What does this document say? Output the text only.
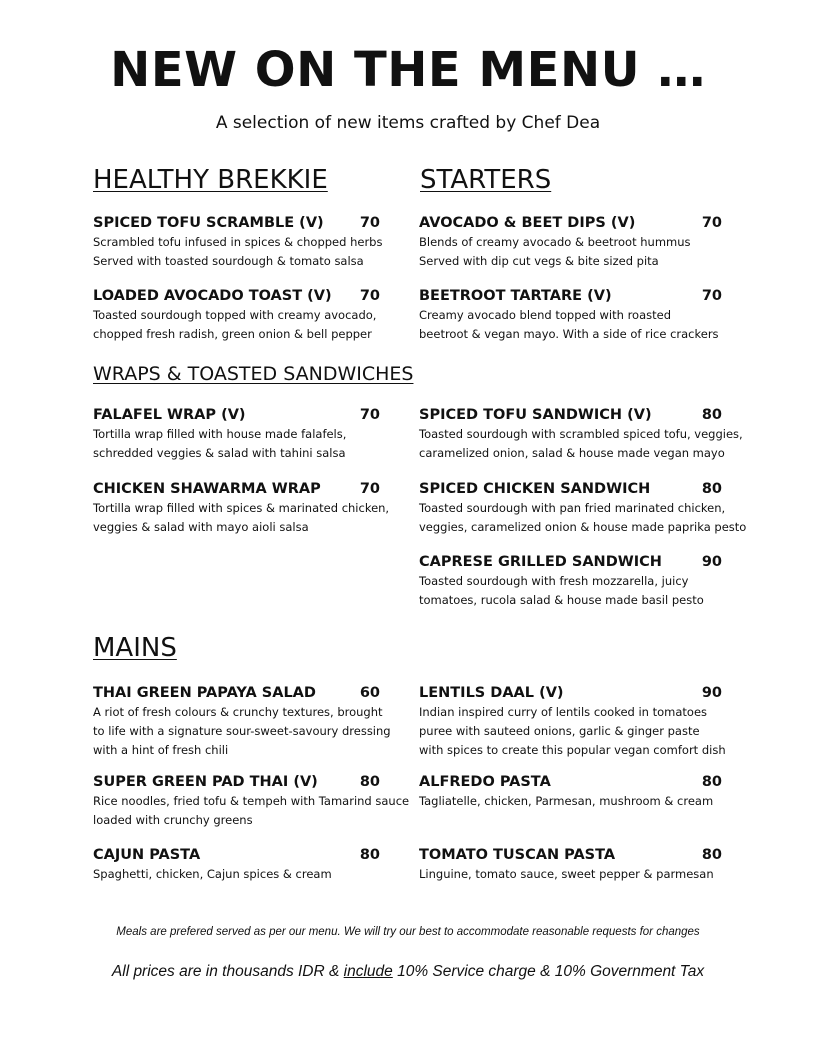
NEW ON THE MENU …
A selection of new items crafted by Chef Dea
HEALTHY BREKKIE	STARTERS
WRAPS & TOASTED SANDWICHES
MAINS
SPICED TOFU SCRAMBLE (V) 70
Scrambled tofu infused in spices & chopped herbs
Served with toasted sourdough & tomato salsa
LOADED AVOCADO TOAST (V) 70
Toasted sourdough topped with creamy avocado,
chopped fresh radish, green onion & bell pepper
AVOCADO & BEET DIPS (V)	70
Blends of creamy avocado & beetroot hummus
Served with dip cut vegs & bite sized pita
BEETROOT TARTARE (V)	70
Creamy avocado blend topped with roasted
beetroot & vegan mayo. With a side of rice crackers
FALAFEL WRAP (V)	70
Tortilla wrap filled with house made falafels,
schredded veggies & salad with tahini salsa
CHICKEN SHAWARMA WRAP	70
Tortilla wrap filled with spices & marinated chicken,
veggies & salad with mayo aioli salsa
SPICED TOFU SANDWICH (V)	80
Toasted sourdough with scrambled spiced tofu, veggies,
caramelized onion, salad & house made vegan mayo
SPICED CHICKEN SANDWICH	80
Toasted sourdough with pan fried marinated chicken,
veggies, caramelized onion & house made paprika pesto
CAPRESE GRILLED SANDWICH	90
Toasted sourdough with fresh mozzarella, juicy
tomatoes, rucola salad & house made basil pesto
THAI GREEN PAPAYA SALAD	60
A riot of fresh colours & crunchy textures, brought
to life with a signature sour-sweet-savoury dressing
with a hint of fresh chili
LENTILS DAAL (V)	90
Indian inspired curry of lentils cooked in tomatoes
puree with sauteed onions, garlic & ginger paste
with spices to create this popular vegan comfort dish
SUPER GREEN PAD THAI (V)	80
Rice noodles, fried tofu & tempeh with Tamarind sauce
loaded with crunchy greens
ALFREDO PASTA	80
Tagliatelle, chicken, Parmesan, mushroom & cream
CAJUN PASTA	80
Spaghetti, chicken, Cajun spices & cream
TOMATO TUSCAN PASTA	80
Linguine, tomato sauce, sweet pepper & parmesan
Meals are prefered served as per our menu. We will try our best to accommodate reasonable requests for changes
All prices are in thousands IDR & include 10% Service charge & 10% Government Tax
